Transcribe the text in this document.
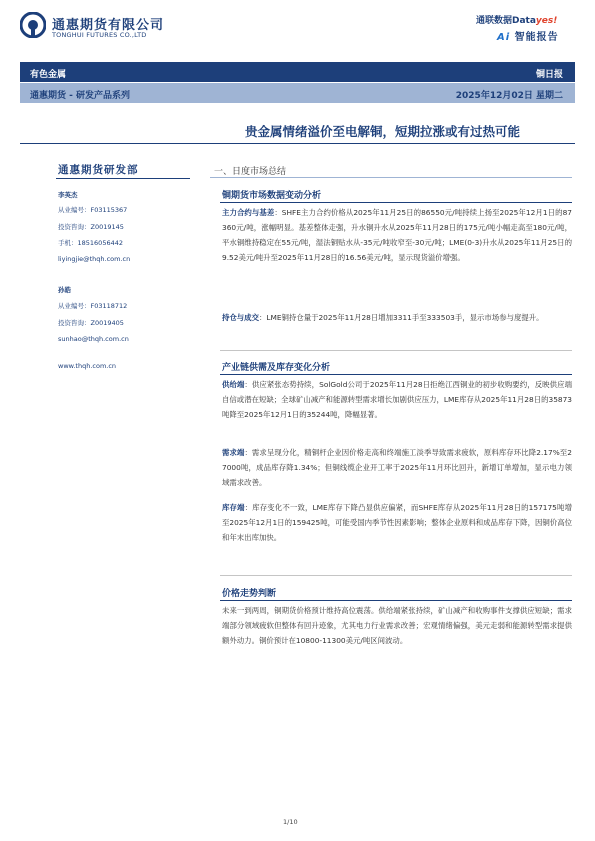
通惠期货有限公司
TONGHUI FUTURES CO.,LTD
通联数据Datayes!
Ai 智能报告
有色金属	铜日报
通惠期货 - 研发产品系列	2025年12月02日 星期二
贵金属情绪溢价至电解铜，短期拉涨或有过热可能
通惠期货研发部
李英杰
从业编号：F03115367
投资咨询：Z0019145
手机：18516056442
liyingjie@thqh.com.cn
孙皓
从业编号：F03118712
投资咨询：Z0019405
sunhao@thqh.com.cn
www.thqh.com.cn
一、日度市场总结
铜期货市场数据变动分析
主力合约与基差：SHFE主力合约价格从2025年11月25日的86550元/吨持续上扬至2025年12月1日的87360元/吨，涨幅明显。基差整体走强，升水铜升水从2025年11月28日的175元/吨小幅走高至180元/吨，平水铜维持稳定在55元/吨，湿法铜贴水从-35元/吨收窄至-30元/吨；LME(0-3)升水从2025年11月25日的9.52美元/吨升至2025年11月28日的16.56美元/吨，显示现货溢价增强。
持仓与成交：LME铜持仓量于2025年11月28日增加3311手至333503手，显示市场参与度提升。
产业链供需及库存变化分析
供给端：供应紧张态势持续，SolGold公司于2025年11月28日拒绝江西铜业的初步收购要约，反映供应端自信或潜在短缺；全球矿山减产和能源转型需求增长加剧供应压力，LME库存从2025年11月28日的35873吨降至2025年12月1日的35244吨，降幅显著。
需求端：需求呈现分化，精铜杆企业因价格走高和终端施工淡季导致需求疲软，原料库存环比降2.17%至27000吨，成品库存降1.34%；但铜线缆企业开工率于2025年11月环比回升，新增订单增加，显示电力领域需求改善。
库存端：库存变化不一致，LME库存下降凸显供应偏紧，而SHFE库存从2025年11月28日的157175吨增至2025年12月1日的159425吨，可能受国内季节性因素影响；整体企业原料和成品库存下降，因铜价高位和年末出库加快。
价格走势判断
未来一到两周，铜期货价格预计维持高位震荡。供给端紧张持续，矿山减产和收购事件支撑供应短缺；需求端部分领域疲软但整体有回升迹象，尤其电力行业需求改善；宏观情绪偏强，美元走弱和能源转型需求提供额外动力。铜价预计在10800-11300美元/吨区间波动。
1/10
